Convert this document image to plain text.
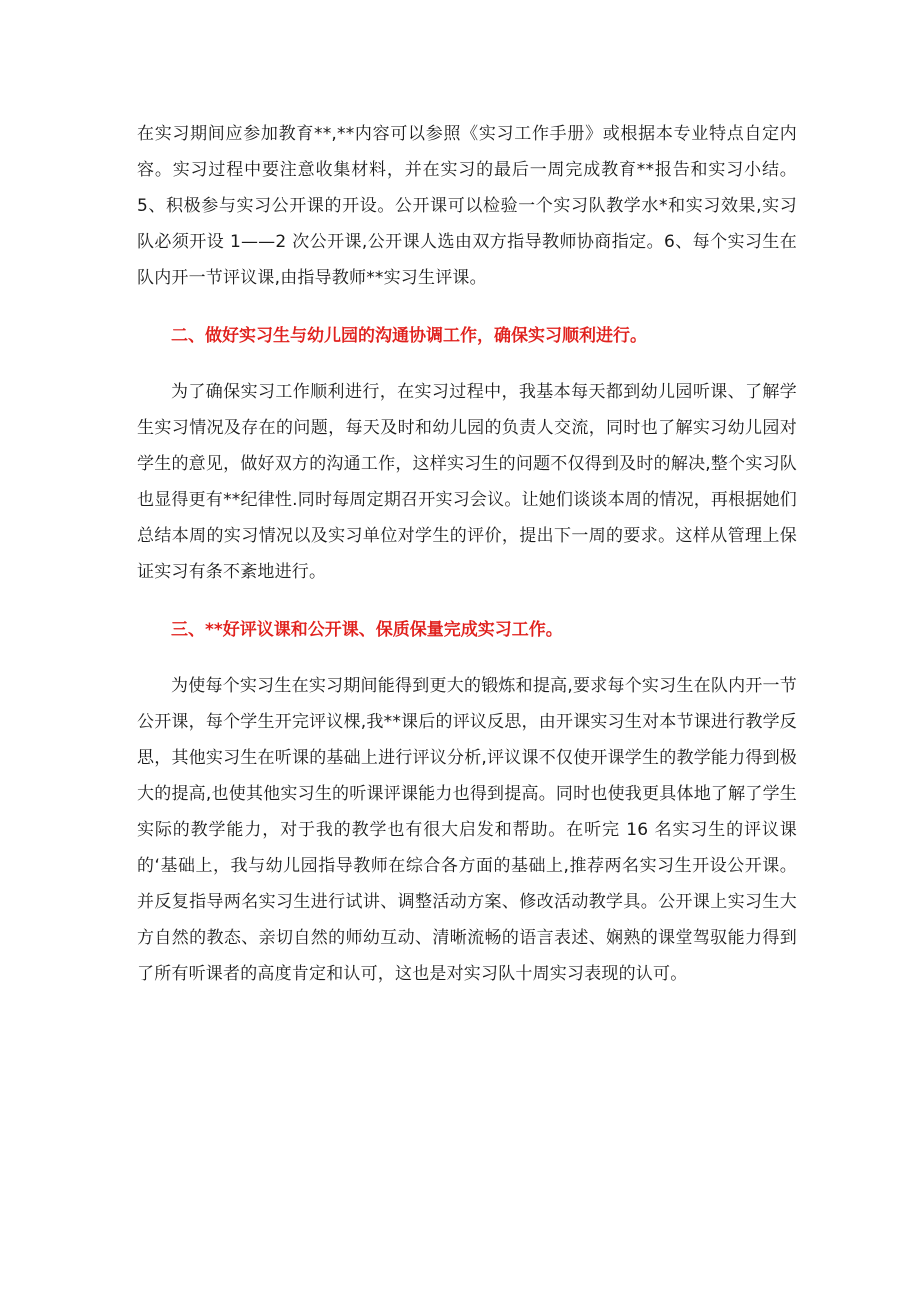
在实习期间应参加教育**,**内容可以参照《实习工作手册》或根据本专业特点自定内容。实习过程中要注意收集材料，并在实习的最后一周完成教育**报告和实习小结。5、积极参与实习公开课的开设。公开课可以检验一个实习队教学水*和实习效果,实习队必须开设 1——2 次公开课,公开课人选由双方指导教师协商指定。6、每个实习生在队内开一节评议课,由指导教师**实习生评课。

二、做好实习生与幼儿园的沟通协调工作，确保实习顺利进行。

为了确保实习工作顺利进行，在实习过程中，我基本每天都到幼儿园听课、了解学生实习情况及存在的问题，每天及时和幼儿园的负责人交流，同时也了解实习幼儿园对学生的意见，做好双方的沟通工作，这样实习生的问题不仅得到及时的解决,整个实习队也显得更有**纪律性.同时每周定期召开实习会议。让她们谈谈本周的情况，再根据她们总结本周的实习情况以及实习单位对学生的评价，提出下一周的要求。这样从管理上保证实习有条不紊地进行。

三、**好评议课和公开课、保质保量完成实习工作。

为使每个实习生在实习期间能得到更大的锻炼和提高,要求每个实习生在队内开一节公开课，每个学生开完评议棵,我**课后的评议反思，由开课实习生对本节课进行教学反思，其他实习生在听课的基础上进行评议分析,评议课不仅使开课学生的教学能力得到极大的提高,也使其他实习生的听课评课能力也得到提高。同时也使我更具体地了解了学生实际的教学能力，对于我的教学也有很大启发和帮助。在听完 16 名实习生的评议课的‘基础上，我与幼儿园指导教师在综合各方面的基础上,推荐两名实习生开设公开课。并反复指导两名实习生进行试讲、调整活动方案、修改活动教学具。公开课上实习生大方自然的教态、亲切自然的师幼互动、清晰流畅的语言表述、娴熟的课堂驾驭能力得到了所有听课者的高度肯定和认可，这也是对实习队十周实习表现的认可。
